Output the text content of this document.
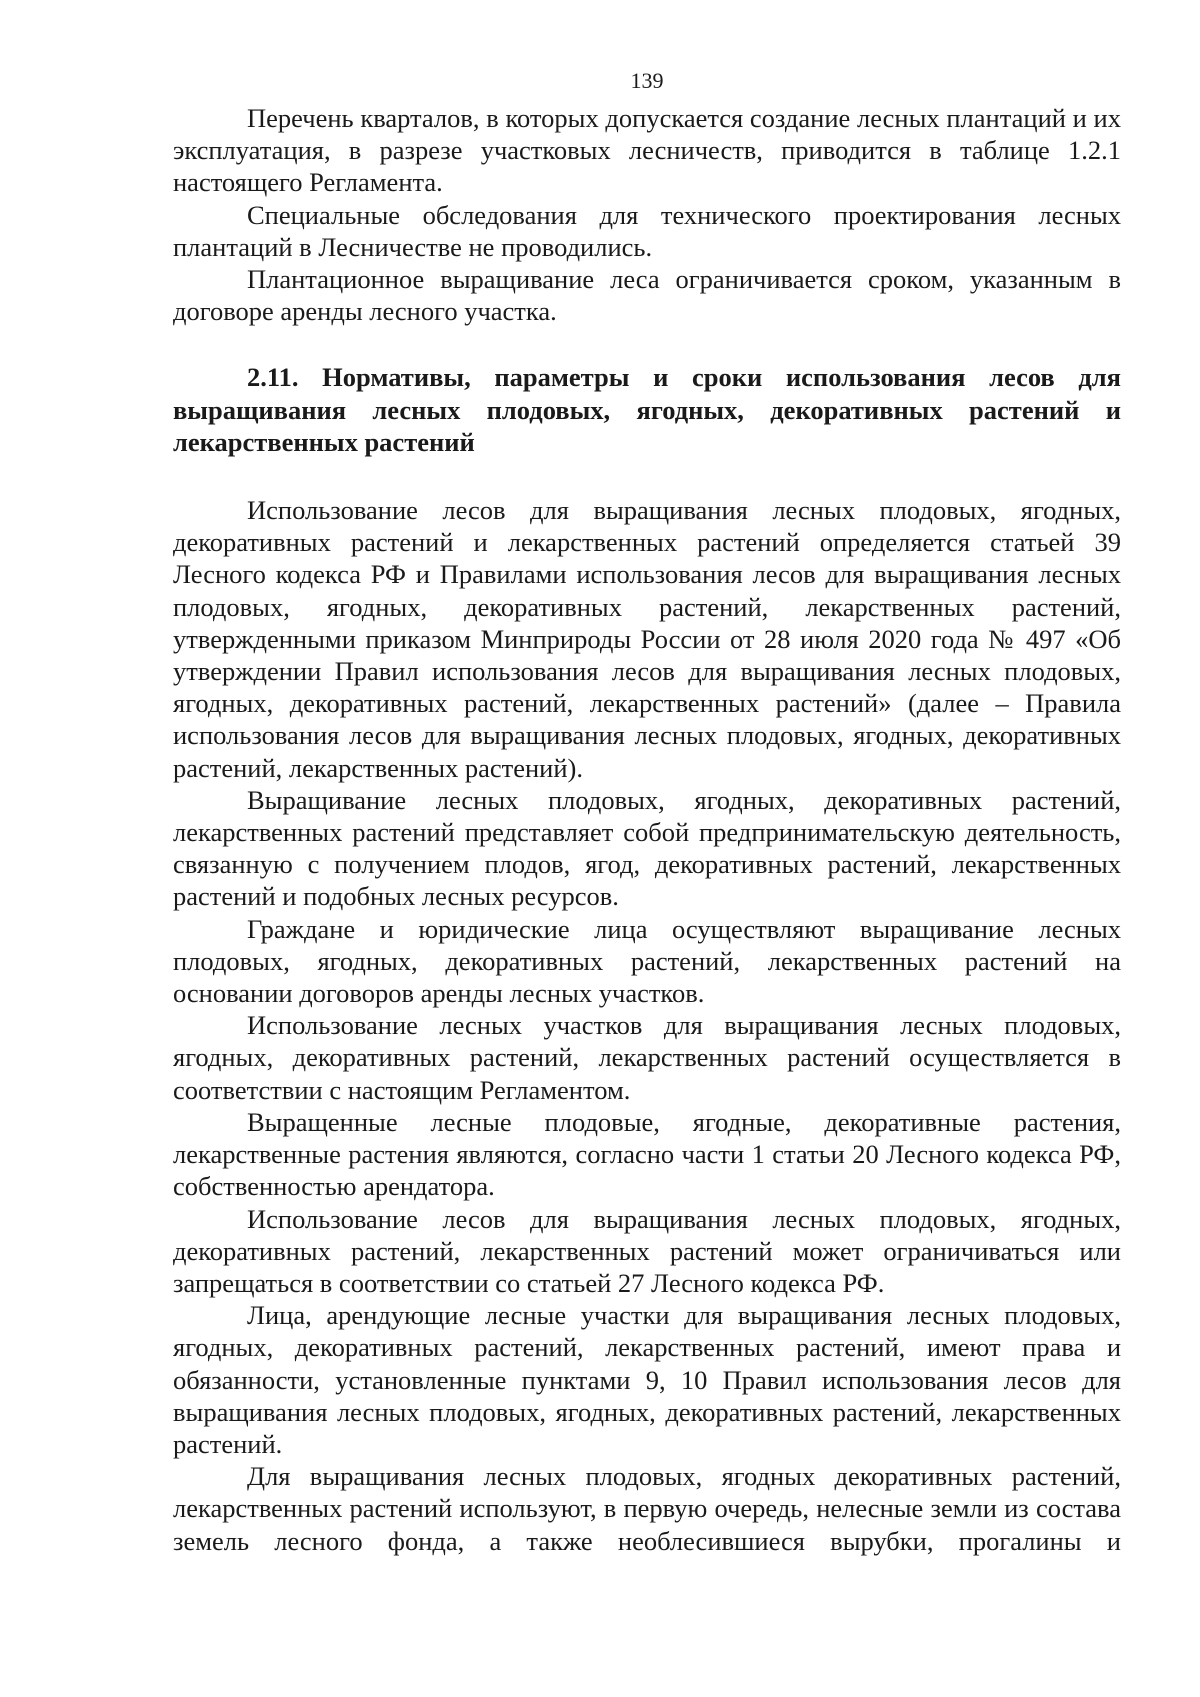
139

Перечень кварталов, в которых допускается создание лесных плантаций и их эксплуатация, в разрезе участковых лесничеств, приводится в таблице 1.2.1 настоящего Регламента.

Специальные обследования для технического проектирования лесных плантаций в Лесничестве не проводились.

Плантационное выращивание леса ограничивается сроком, указанным в договоре аренды лесного участка.

2.11. Нормативы, параметры и сроки использования лесов для выращивания лесных плодовых, ягодных, декоративных растений и лекарственных растений

Использование лесов для выращивания лесных плодовых, ягодных, декоративных растений и лекарственных растений определяется статьей 39 Лесного кодекса РФ и Правилами использования лесов для выращивания лесных плодовых, ягодных, декоративных растений, лекарственных растений, утвержденными приказом Минприроды России от 28 июля 2020 года № 497 «Об утверждении Правил использования лесов для выращивания лесных плодовых, ягодных, декоративных растений, лекарственных растений» (далее – Правила использования лесов для выращивания лесных плодовых, ягодных, декоративных растений, лекарственных растений).

Выращивание лесных плодовых, ягодных, декоративных растений, лекарственных растений представляет собой предпринимательскую деятельность, связанную с получением плодов, ягод, декоративных растений, лекарственных растений и подобных лесных ресурсов.

Граждане и юридические лица осуществляют выращивание лесных плодовых, ягодных, декоративных растений, лекарственных растений на основании договоров аренды лесных участков.

Использование лесных участков для выращивания лесных плодовых, ягодных, декоративных растений, лекарственных растений осуществляется в соответствии с настоящим Регламентом.

Выращенные лесные плодовые, ягодные, декоративные растения, лекарственные растения являются, согласно части 1 статьи 20 Лесного кодекса РФ, собственностью арендатора.

Использование лесов для выращивания лесных плодовых, ягодных, декоративных растений, лекарственных растений может ограничиваться или запрещаться в соответствии со статьей 27 Лесного кодекса РФ.

Лица, арендующие лесные участки для выращивания лесных плодовых, ягодных, декоративных растений, лекарственных растений, имеют права и обязанности, установленные пунктами 9, 10 Правил использования лесов для выращивания лесных плодовых, ягодных, декоративных растений, лекарственных растений.

Для выращивания лесных плодовых, ягодных декоративных растений, лекарственных растений используют, в первую очередь, нелесные земли из состава земель лесного фонда, а также необлесившиеся вырубки, прогалины и
